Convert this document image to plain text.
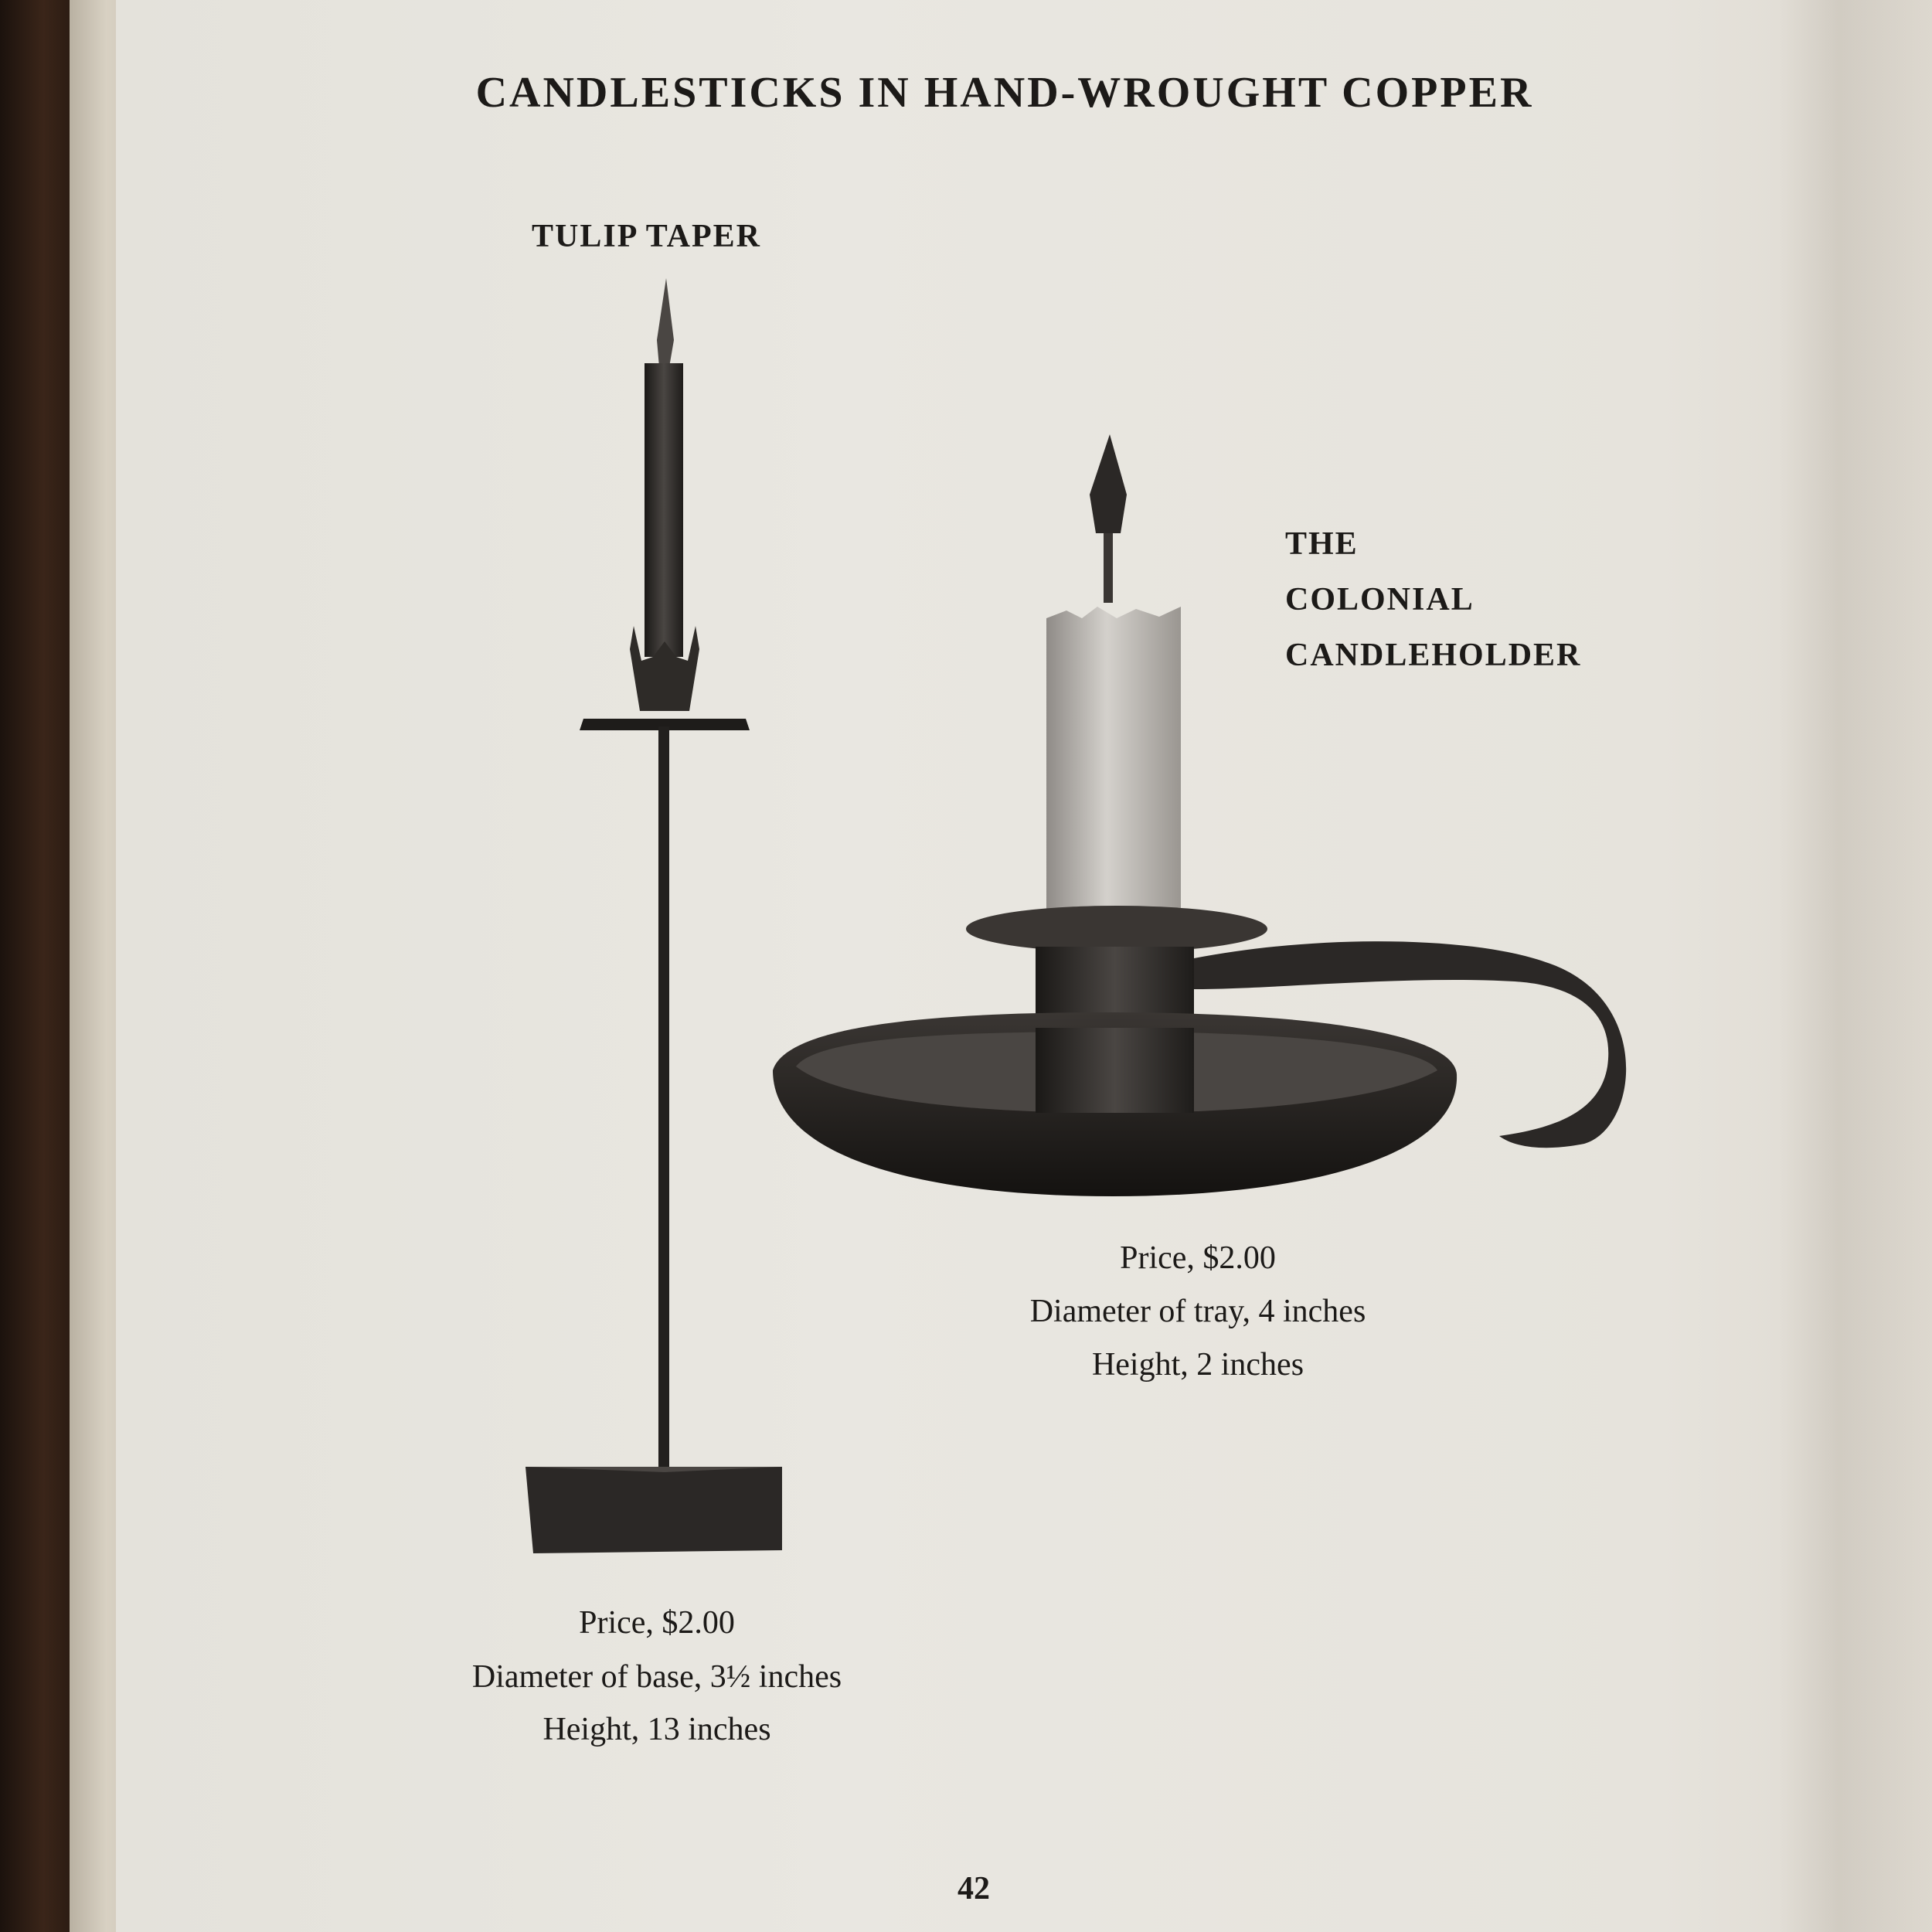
CANDLESTICKS IN HAND-WROUGHT COPPER
TULIP TAPER
THE
COLONIAL
CANDLEHOLDER
Price, $2.00
Diameter of tray, 4 inches
Height, 2 inches
Price, $2.00
Diameter of base, 3½ inches
Height, 13 inches
42
